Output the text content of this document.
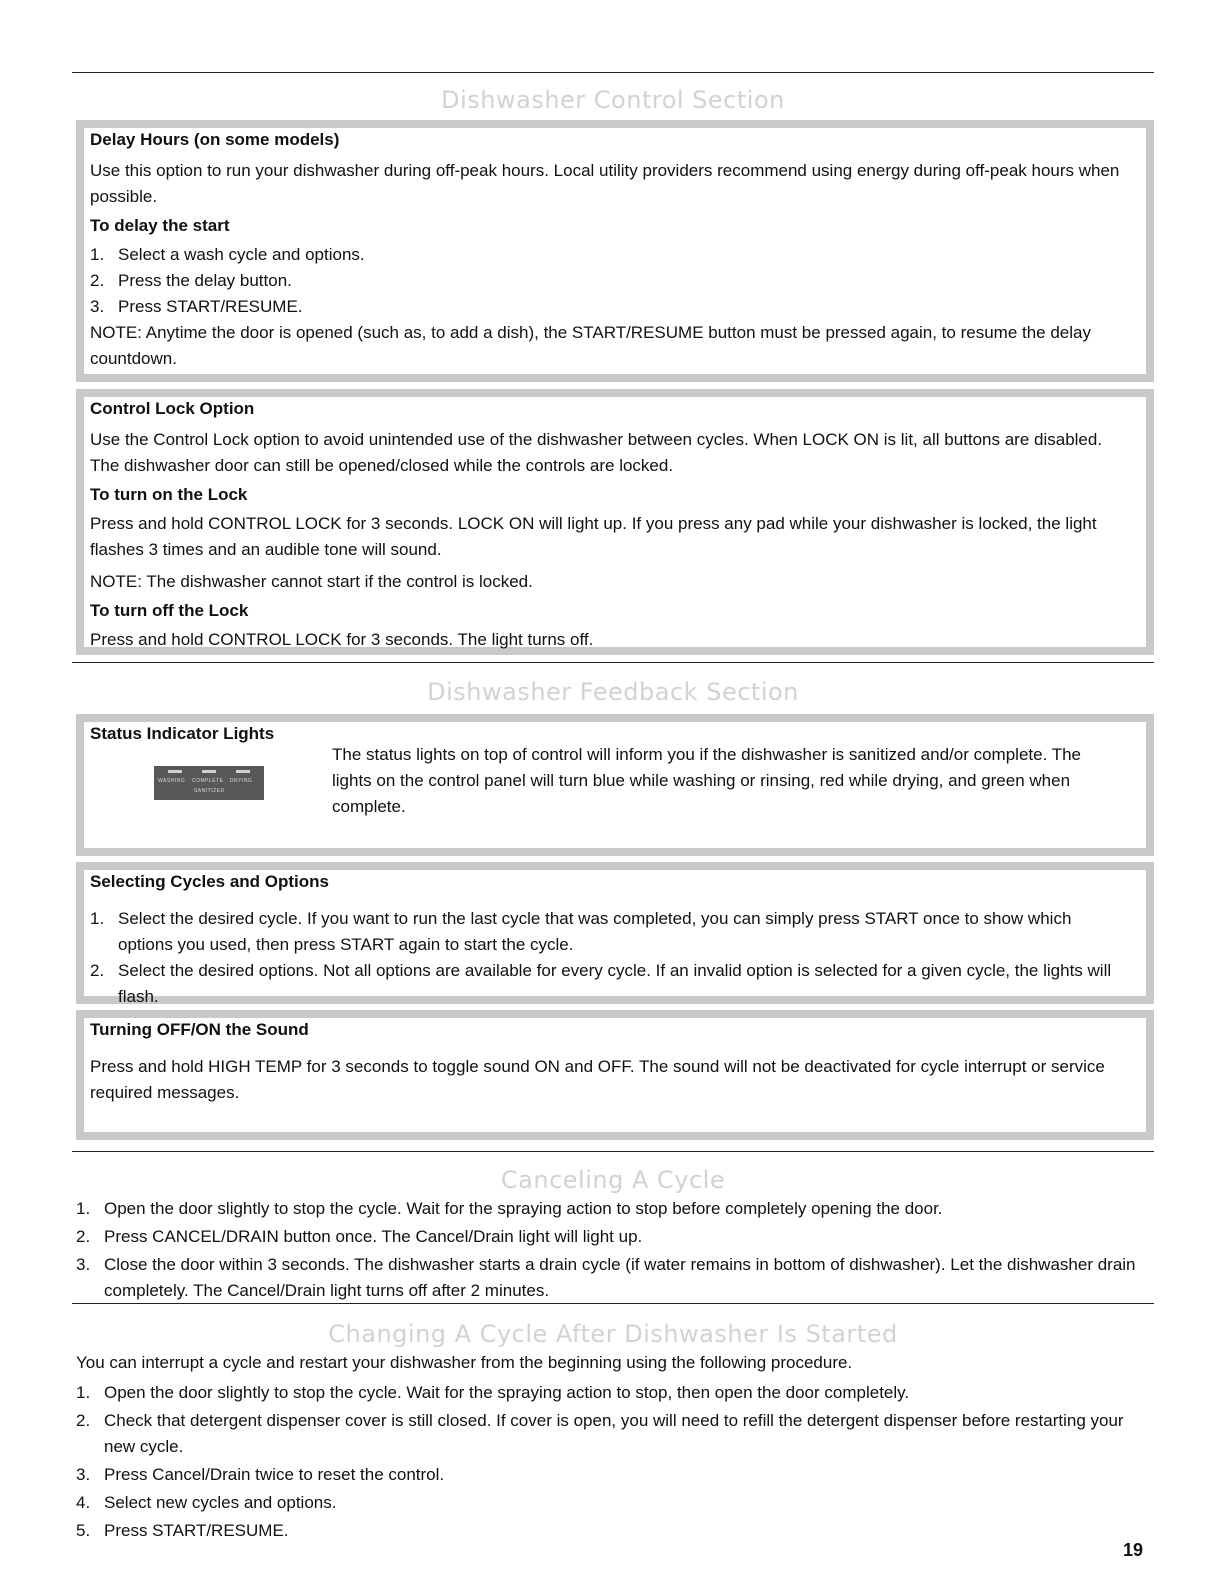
Dishwasher Control Section
Delay Hours (on some models)

Use this option to run your dishwasher during off-peak hours. Local utility providers recommend using energy during off-peak hours when possible.

To delay the start
1. Select a wash cycle and options.
2. Press the delay button.
3. Press START/RESUME.

NOTE: Anytime the door is opened (such as, to add a dish), the START/RESUME button must be pressed again, to resume the delay countdown.

Control Lock Option

Use the Control Lock option to avoid unintended use of the dishwasher between cycles. When LOCK ON is lit, all buttons are disabled. The dishwasher door can still be opened/closed while the controls are locked.

To turn on the Lock

Press and hold CONTROL LOCK for 3 seconds. LOCK ON will light up. If you press any pad while your dishwasher is locked, the light flashes 3 times and an audible tone will sound.

NOTE: The dishwasher cannot start if the control is locked.

To turn off the Lock

Press and hold CONTROL LOCK for 3 seconds. The light turns off.

Dishwasher Feedback Section
Status Indicator Lights
WASHING COMPLETE DRYING
SANITIZED

The status lights on top of control will inform you if the dishwasher is sanitized and/or complete. The lights on the control panel will turn blue while washing or rinsing, red while drying, and green when complete.

Selecting Cycles and Options
1. Select the desired cycle. If you want to run the last cycle that was completed, you can simply press START once to show which options you used, then press START again to start the cycle.
2. Select the desired options. Not all options are available for every cycle. If an invalid option is selected for a given cycle, the lights will flash.
Turning OFF/ON the Sound

Press and hold HIGH TEMP for 3 seconds to toggle sound ON and OFF. The sound will not be deactivated for cycle interrupt or service required messages.

Canceling A Cycle
1. Open the door slightly to stop the cycle. Wait for the spraying action to stop before completely opening the door.
2. Press CANCEL/DRAIN button once. The Cancel/Drain light will light up.
3. Close the door within 3 seconds. The dishwasher starts a drain cycle (if water remains in bottom of dishwasher). Let the dishwasher drain completely. The Cancel/Drain light turns off after 2 minutes.
Changing A Cycle After Dishwasher Is Started

You can interrupt a cycle and restart your dishwasher from the beginning using the following procedure.

1. Open the door slightly to stop the cycle. Wait for the spraying action to stop, then open the door completely.
2. Check that detergent dispenser cover is still closed. If cover is open, you will need to refill the detergent dispenser before restarting your new cycle.
3. Press Cancel/Drain twice to reset the control.
4. Select new cycles and options.
5. Press START/RESUME.
19
